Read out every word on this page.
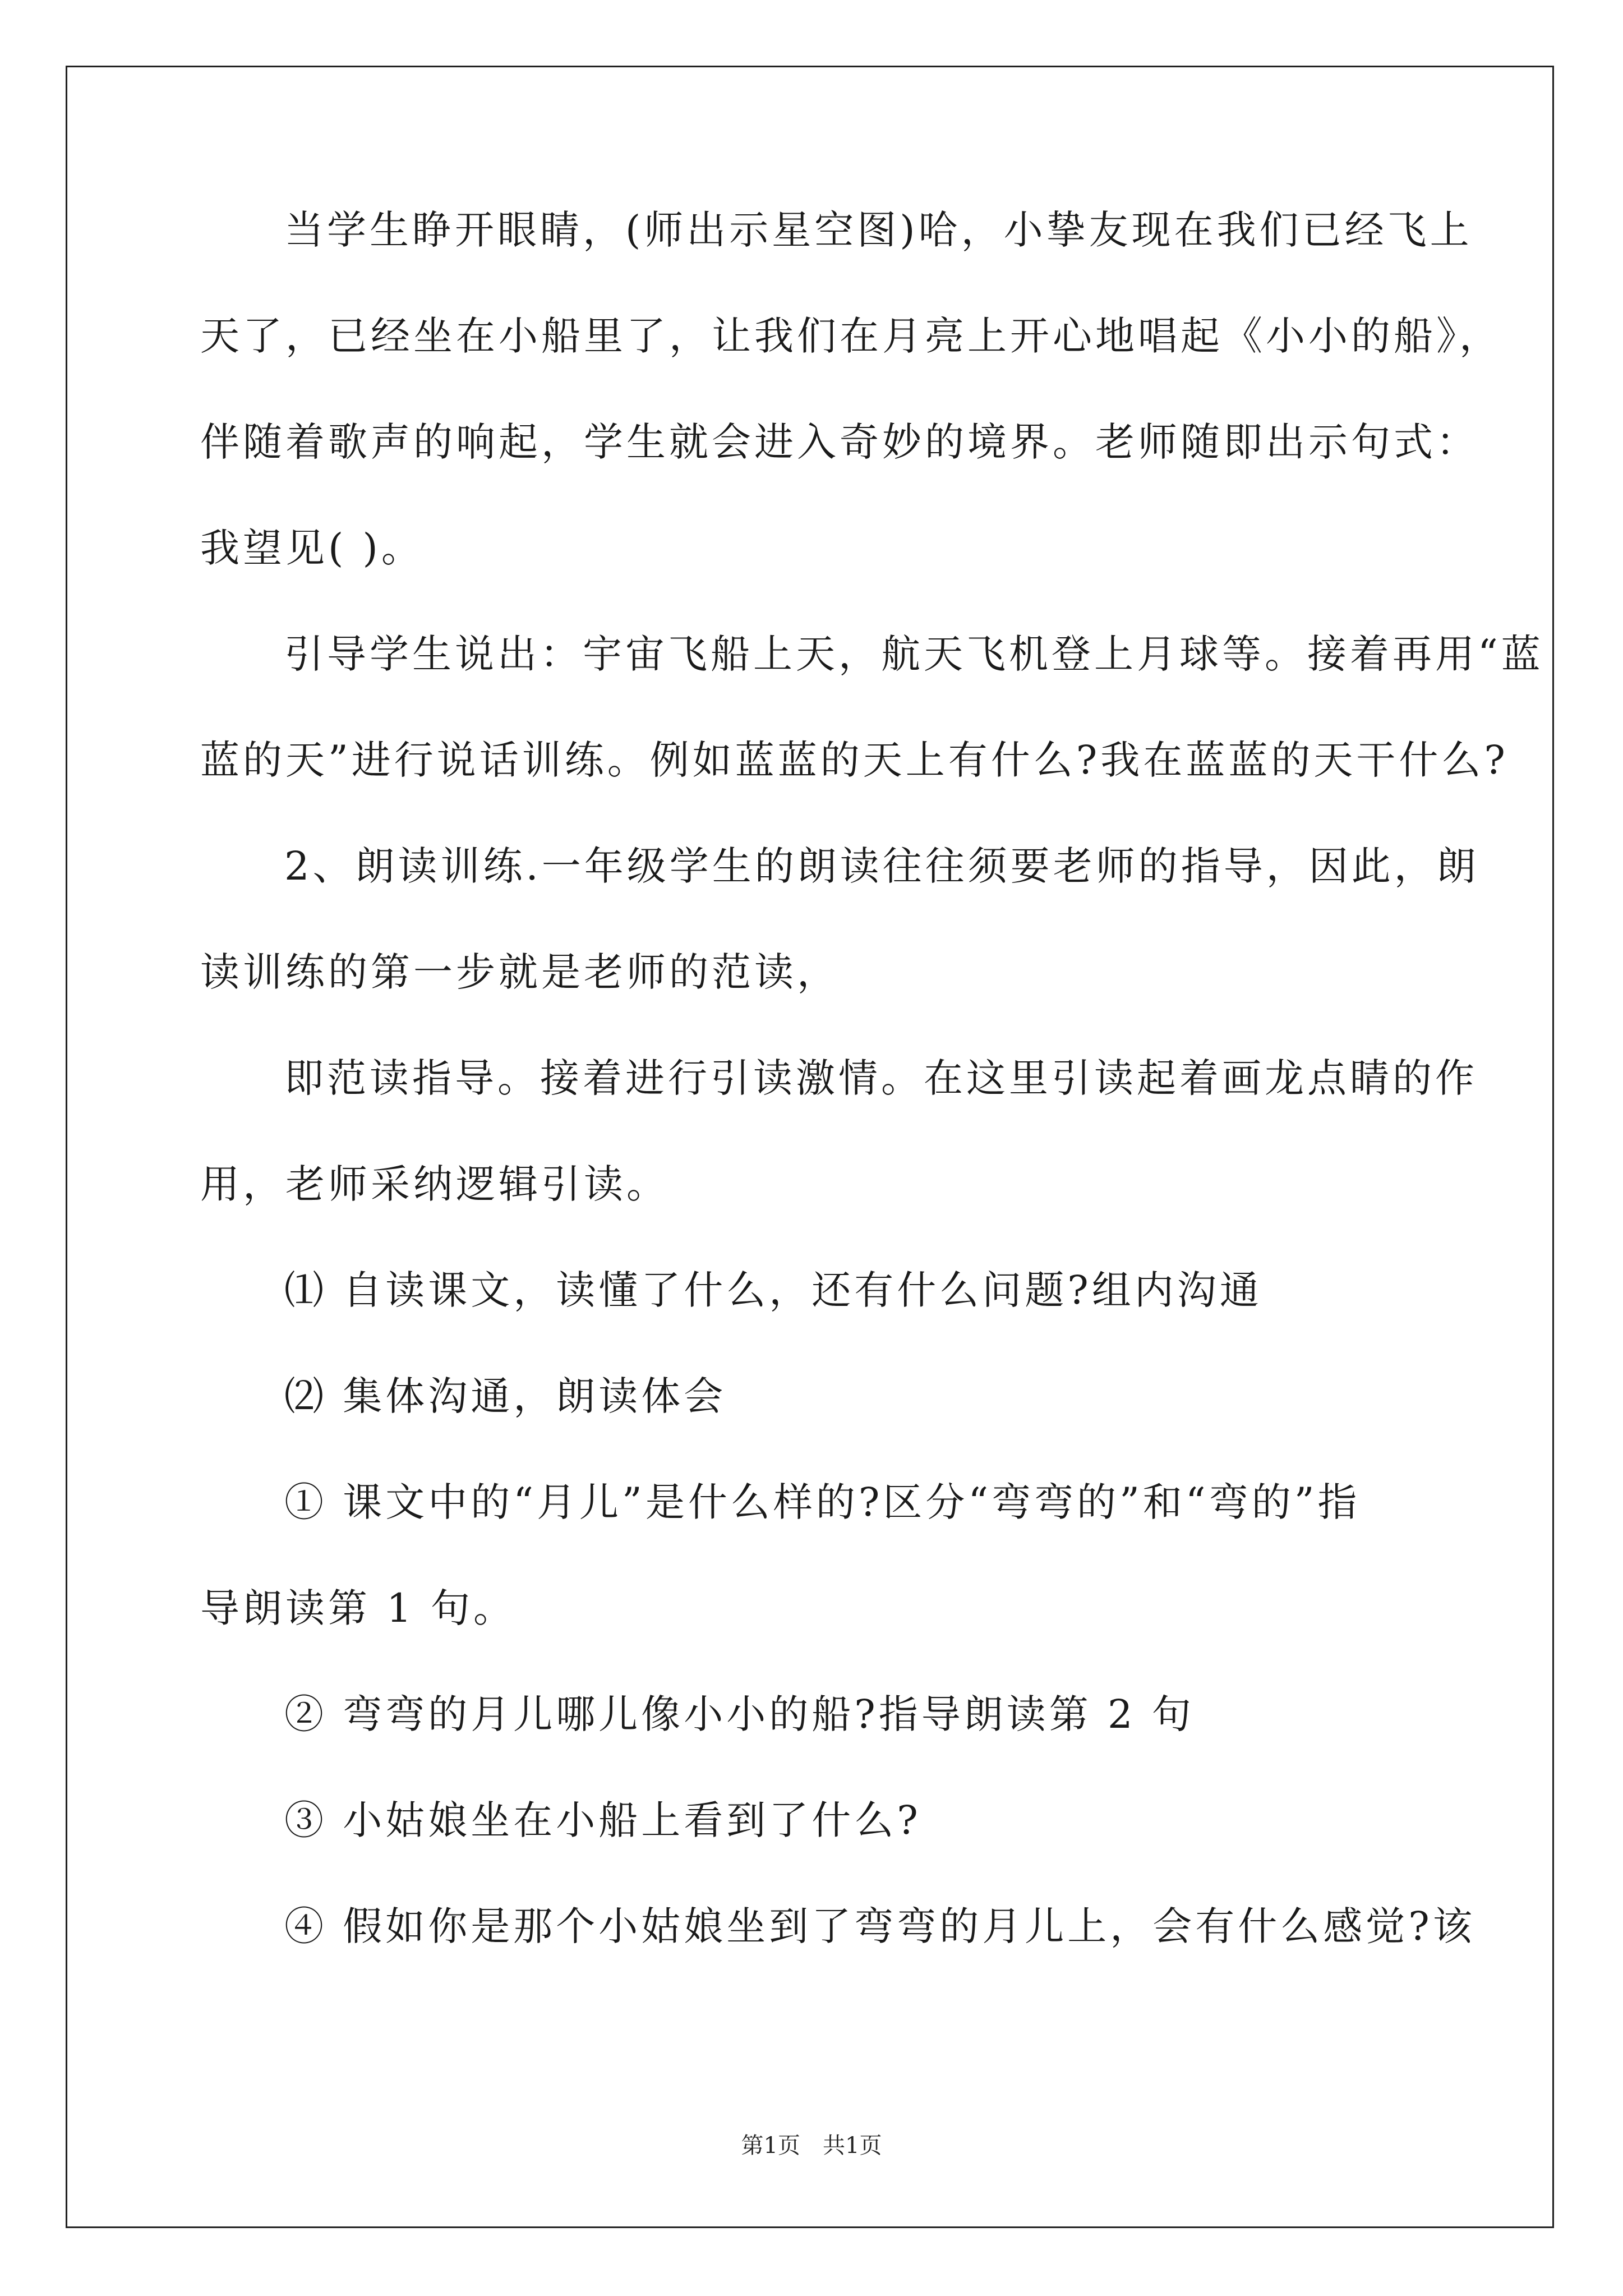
当学生睁开眼睛，(师出示星空图)哈，小挚友现在我们已经飞上
天了，已经坐在小船里了，让我们在月亮上开心地唱起《小小的船》，
伴随着歌声的响起，学生就会进入奇妙的境界。老师随即出示句式：
我望见( )。
引导学生说出：宇宙飞船上天，航天飞机登上月球等。接着再用“蓝
蓝的天”进行说话训练。例如蓝蓝的天上有什么?我在蓝蓝的天干什么?
2、朗读训练.一年级学生的朗读往往须要老师的指导，因此，朗
读训练的第一步就是老师的范读，
即范读指导。接着进行引读激情。在这里引读起着画龙点睛的作
用，老师采纳逻辑引读。
⑴ 自读课文，读懂了什么，还有什么问题?组内沟通
⑵ 集体沟通，朗读体会
① 课文中的“月儿”是什么样的?区分“弯弯的”和“弯的”指
导朗读第 1 句。
② 弯弯的月儿哪儿像小小的船?指导朗读第 2 句
③ 小姑娘坐在小船上看到了什么?
④ 假如你是那个小姑娘坐到了弯弯的月儿上，会有什么感觉?该
第1页　共1页
